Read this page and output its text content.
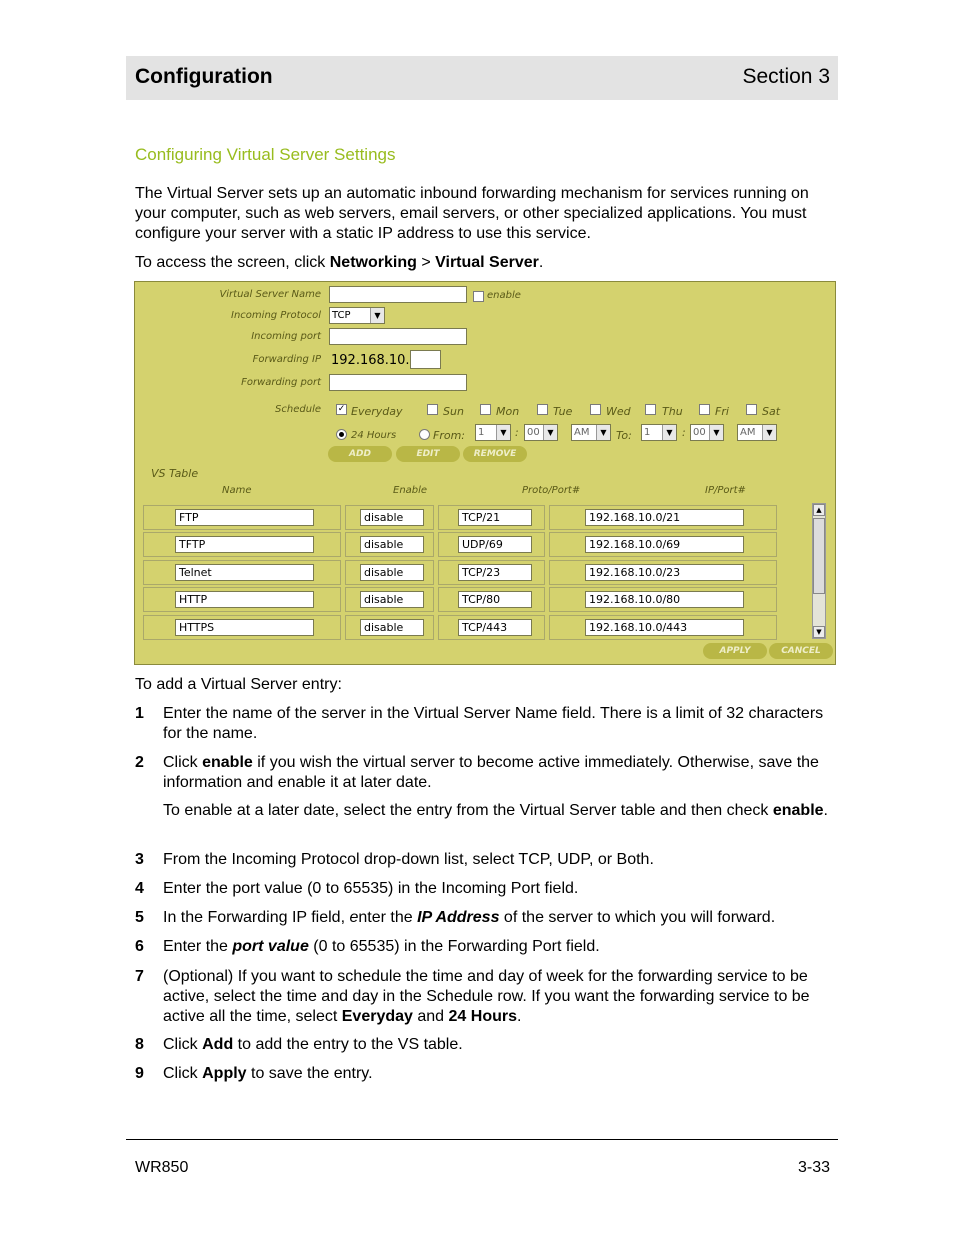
Configuration	Section 3
Configuring Virtual Server Settings
The Virtual Server sets up an automatic inbound forwarding mechanism for services running on your computer, such as web servers, email servers, or other specialized applications. You must configure your server with a static IP address to use this service.
To access the screen, click Networking > Virtual Server.
Virtual Server Name	enable
Incoming Protocol	TCP	▼
Incoming port
Forwarding IP 192.168.10.
Forwarding port
Schedule ✓ Everyday	Sun	Mon	Tue	Wed	Thu	Fri	Sat
24 Hours	From:	1	▼ : 00 ▼	AM	▼ To:	1	▼ : 00 ▼	AM	▼
ADD	EDIT	REMOVE
VS Table
Name	Enable	Proto/Port#	IP/Port#
FTP	disable	TCP/21	192.168.10.0/21
TFTP	disable	UDP/69	192.168.10.0/69
Telnet	disable	TCP/23	192.168.10.0/23
HTTP	disable	TCP/80	192.168.10.0/80
HTTPS	disable	TCP/443	192.168.10.0/443
▲
▼
APPLY	CANCEL
To add a Virtual Server entry:
1 Enter the name of the server in the Virtual Server Name field. There is a limit of 32 characters for the name.
2 Click enable if you wish the virtual server to become active immediately. Otherwise, save the information and enable it at later date.
To enable at a later date, select the entry from the Virtual Server table and then check enable.
3 From the Incoming Protocol drop-down list, select TCP, UDP, or Both.
4 Enter the port value (0 to 65535) in the Incoming Port field.
5 In the Forwarding IP field, enter the IP Address of the server to which you will forward.
6 Enter the port value (0 to 65535) in the Forwarding Port field.
7 (Optional) If you want to schedule the time and day of week for the forwarding service to be active, select the time and day in the Schedule row. If you want the forwarding service to be active all the time, select Everyday and 24 Hours.
8 Click Add to add the entry to the VS table.
9 Click Apply to save the entry.
WR850	3-33
